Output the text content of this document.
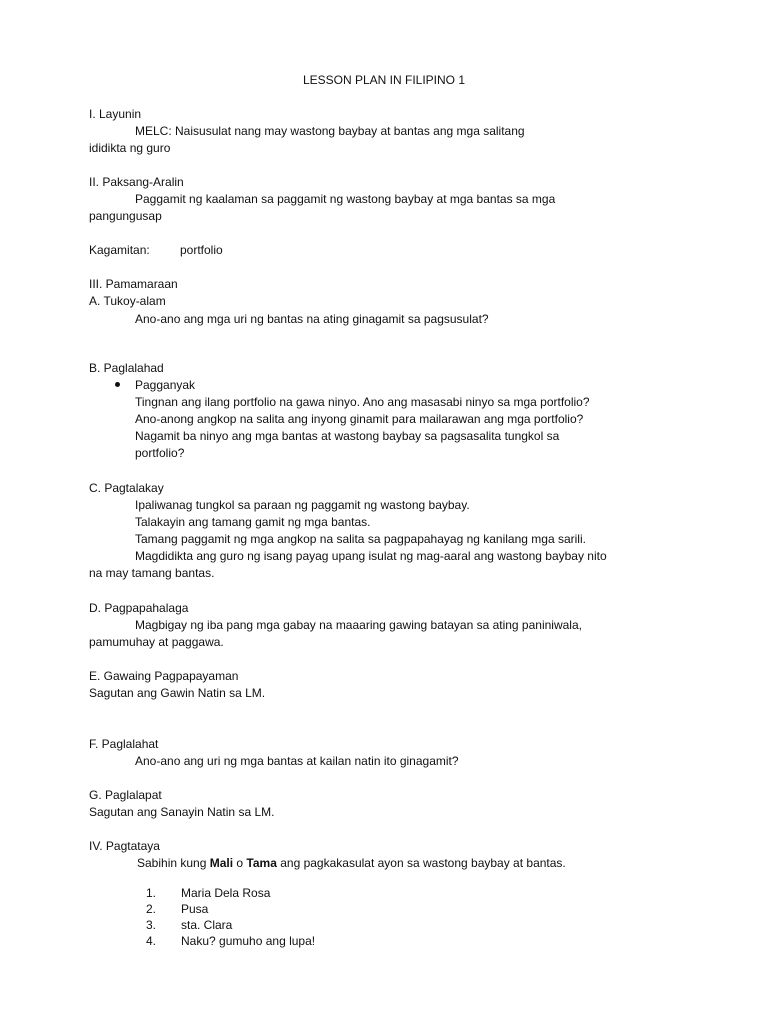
LESSON PLAN IN FILIPINO 1
I. Layunin
MELC: Naisusulat nang may wastong baybay at bantas ang mga salitang
ididikta ng guro
II. Paksang-Aralin
Paggamit ng kaalaman sa paggamit ng wastong baybay at mga bantas sa mga
pangungusap
Kagamitan:	portfolio
III. Pamamaraan
A. Tukoy-alam
Ano-ano ang mga uri ng bantas na ating ginagamit sa pagsusulat?
B. Paglalahad
Pagganyak
Tingnan ang ilang portfolio na gawa ninyo. Ano ang masasabi ninyo sa mga portfolio?
Ano-anong angkop na salita ang inyong ginamit para mailarawan ang mga portfolio?
Nagamit ba ninyo ang mga bantas at wastong baybay sa pagsasalita tungkol sa
portfolio?
C. Pagtalakay
Ipaliwanag tungkol sa paraan ng paggamit ng wastong baybay.
Talakayin ang tamang gamit ng mga bantas.
Tamang paggamit ng mga angkop na salita sa pagpapahayag ng kanilang mga sarili.
Magdidikta ang guro ng isang payag upang isulat ng mag-aaral ang wastong baybay nito
na may tamang bantas.
D. Pagpapahalaga
Magbigay ng iba pang mga gabay na maaaring gawing batayan sa ating paniniwala,
pamumuhay at paggawa.
E. Gawaing Pagpapayaman
Sagutan ang Gawin Natin sa LM.
F. Paglalahat
Ano-ano ang uri ng mga bantas at kailan natin ito ginagamit?
G. Paglalapat
Sagutan ang Sanayin Natin sa LM.
IV. Pagtataya
Sabihin kung Mali o Tama ang pagkakasulat ayon sa wastong baybay at bantas.
1. Maria Dela Rosa
2. Pusa
3. sta. Clara
4. Naku? gumuho ang lupa!
